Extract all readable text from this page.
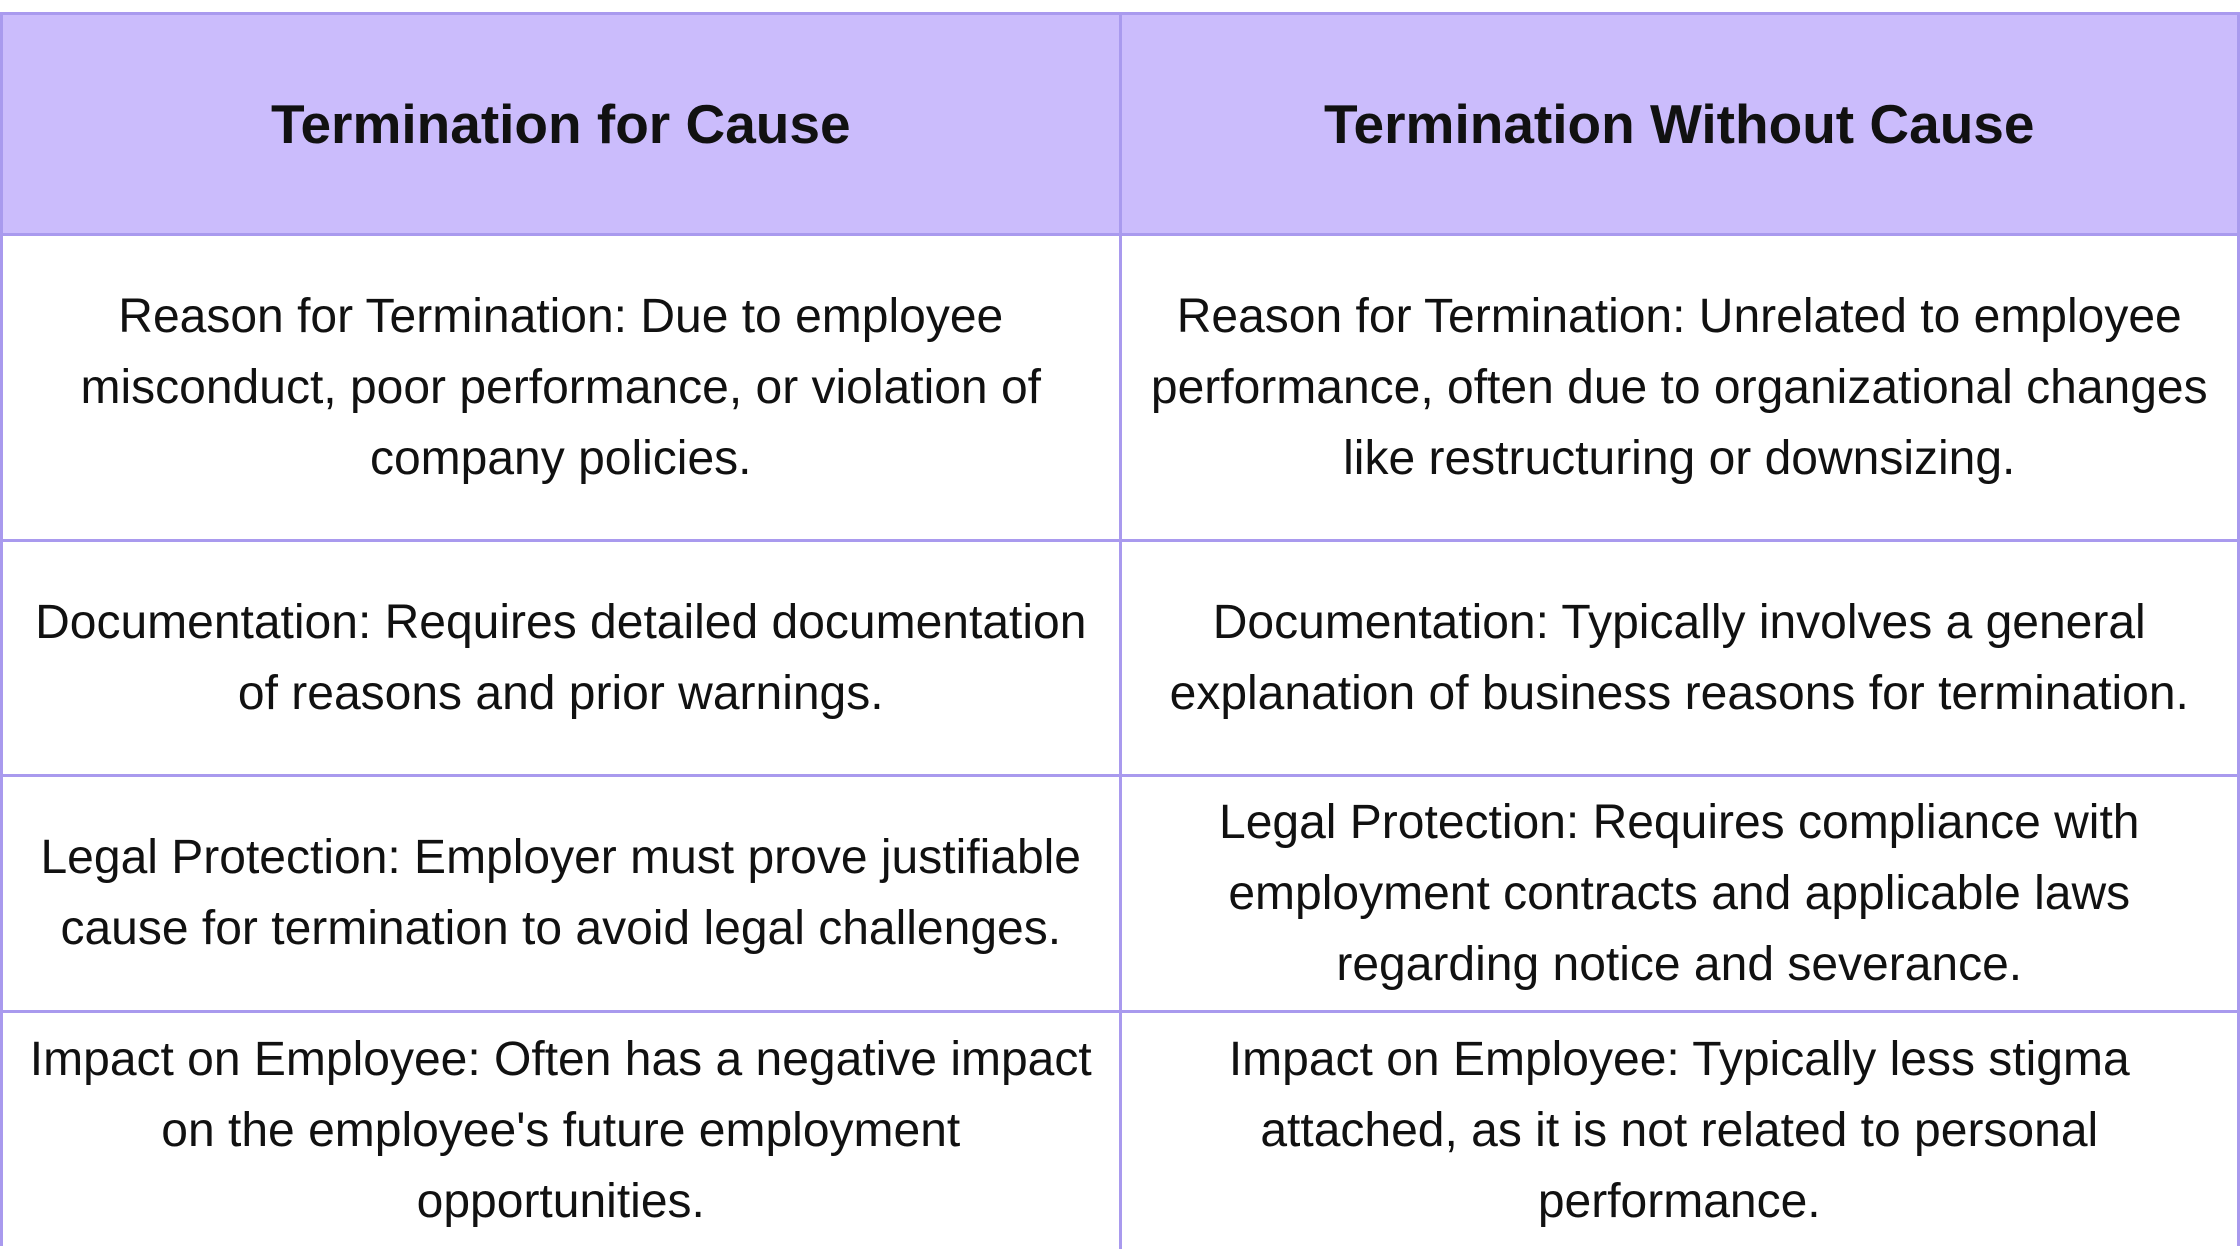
Termination for Cause	Termination Without Cause
Reason for Termination: Due to employee misconduct, poor performance, or violation of company policies.	Reason for Termination: Unrelated to employee performance, often due to organizational changes like restructuring or downsizing.
Documentation: Requires detailed documentation of reasons and prior warnings.	Documentation: Typically involves a general explanation of business reasons for termination.
Legal Protection: Employer must prove justifiable cause for termination to avoid legal challenges.	Legal Protection: Requires compliance with employment contracts and applicable laws regarding notice and severance.
Impact on Employee: Often has a negative impact on the employee's future employment opportunities.	Impact on Employee: Typically less stigma attached, as it is not related to personal performance.
